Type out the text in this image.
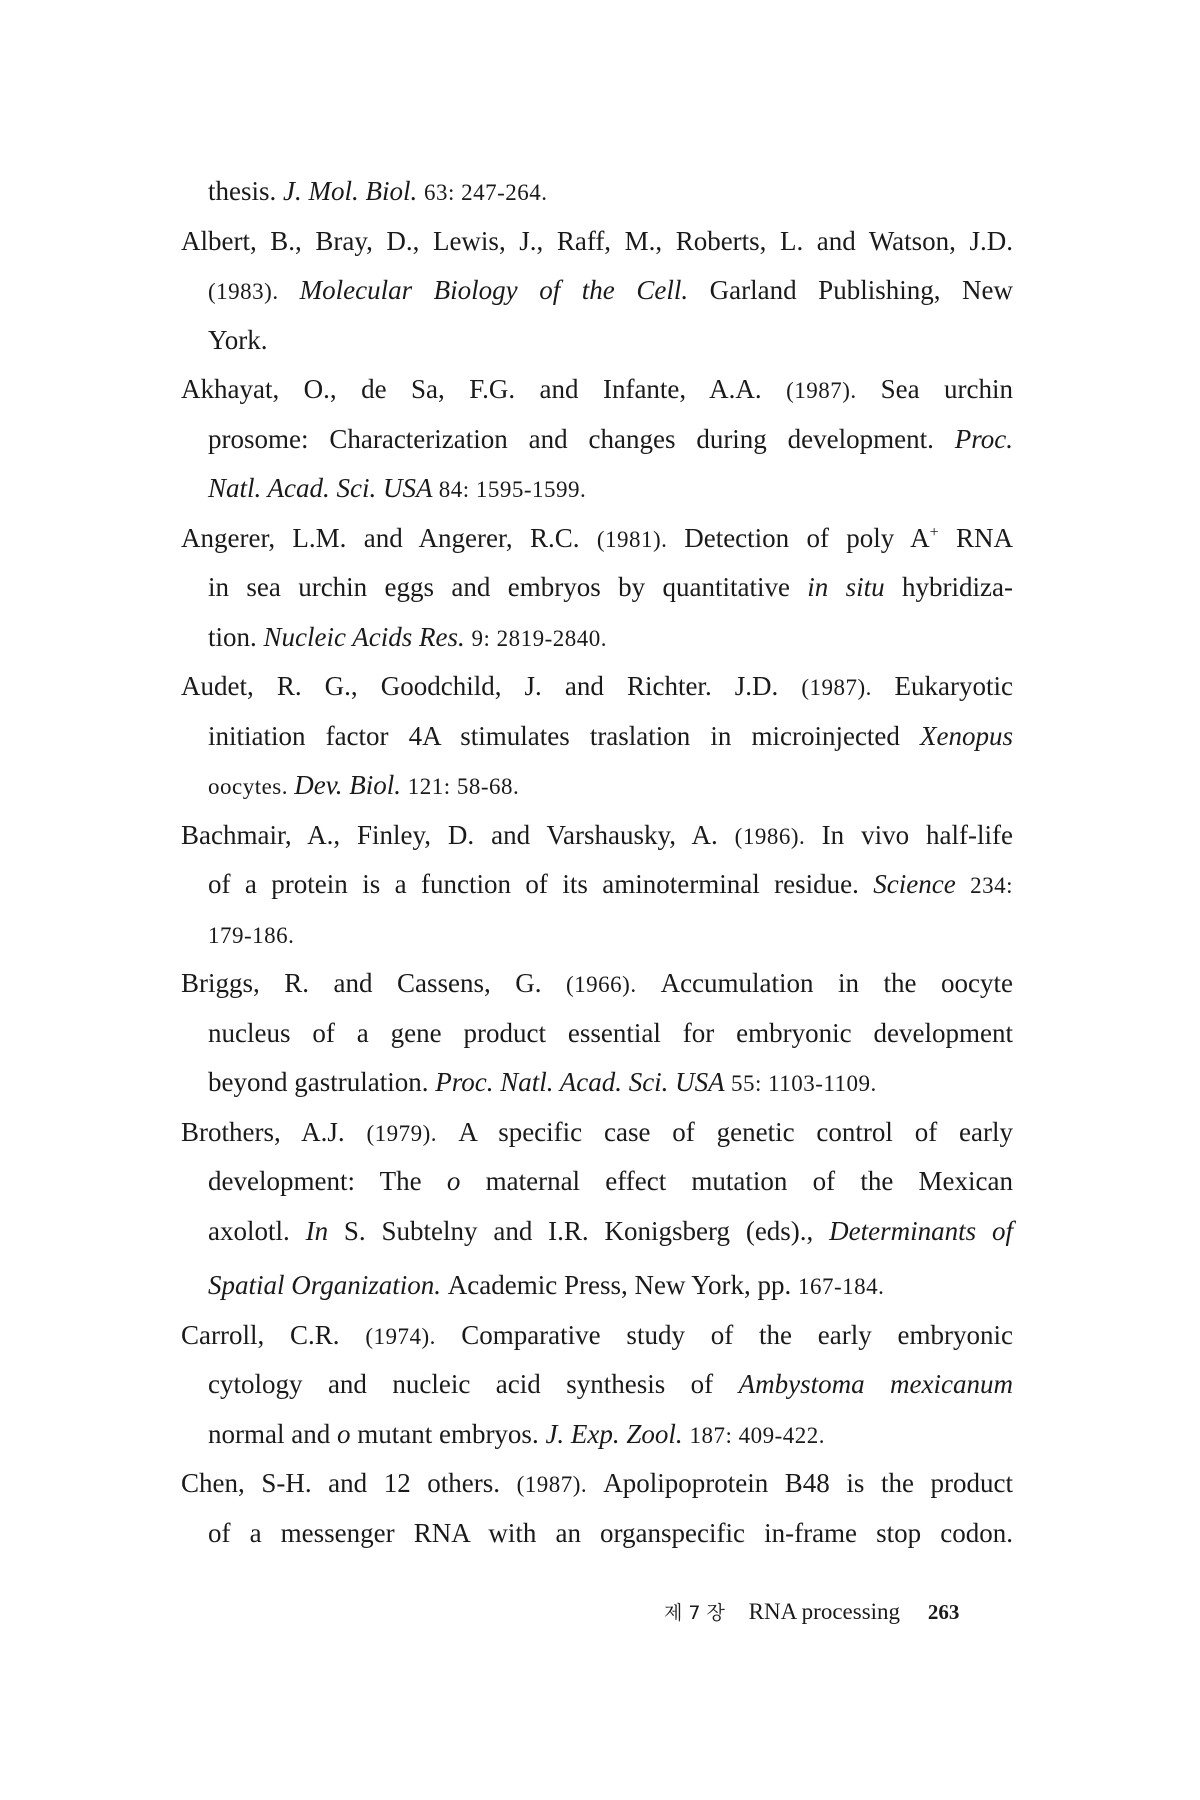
thesis. J. Mol. Biol. 63: 247-264.
Albert, B., Bray, D., Lewis, J., Raff, M., Roberts, L. and Watson, J.D.
(1983). Molecular Biology of the Cell. Garland Publishing, New
York.
Akhayat, O., de Sa, F.G. and Infante, A.A. (1987). Sea urchin
prosome: Characterization and changes during development. Proc.
Natl. Acad. Sci. USA 84: 1595-1599.
Angerer, L.M. and Angerer, R.C. (1981). Detection of poly A+ RNA
in sea urchin eggs and embryos by quantitative in situ hybridiza-
tion. Nucleic Acids Res. 9: 2819-2840.
Audet, R. G., Goodchild, J. and Richter. J.D. (1987). Eukaryotic
initiation factor 4A stimulates traslation in microinjected Xenopus
oocytes. Dev. Biol. 121: 58-68.
Bachmair, A., Finley, D. and Varshausky, A. (1986). In vivo half-life
of a protein is a function of its aminoterminal residue. Science 234:
179-186.
Briggs, R. and Cassens, G. (1966). Accumulation in the oocyte
nucleus of a gene product essential for embryonic development
beyond gastrulation. Proc. Natl. Acad. Sci. USA 55: 1103-1109.
Brothers, A.J. (1979). A specific case of genetic control of early
development: The o maternal effect mutation of the Mexican
axolotl. In S. Subtelny and I.R. Konigsberg (eds)., Determinants of
Spatial Organization. Academic Press, New York, pp. 167-184.
Carroll, C.R. (1974). Comparative study of the early embryonic
cytology and nucleic acid synthesis of Ambystoma mexicanum
normal and o mutant embryos. J. Exp. Zool. 187: 409-422.
Chen, S-H. and 12 others. (1987). Apolipoprotein B48 is the product
of a messenger RNA with an organspecific in-frame stop codon.
제 7 장 RNA processing 263
